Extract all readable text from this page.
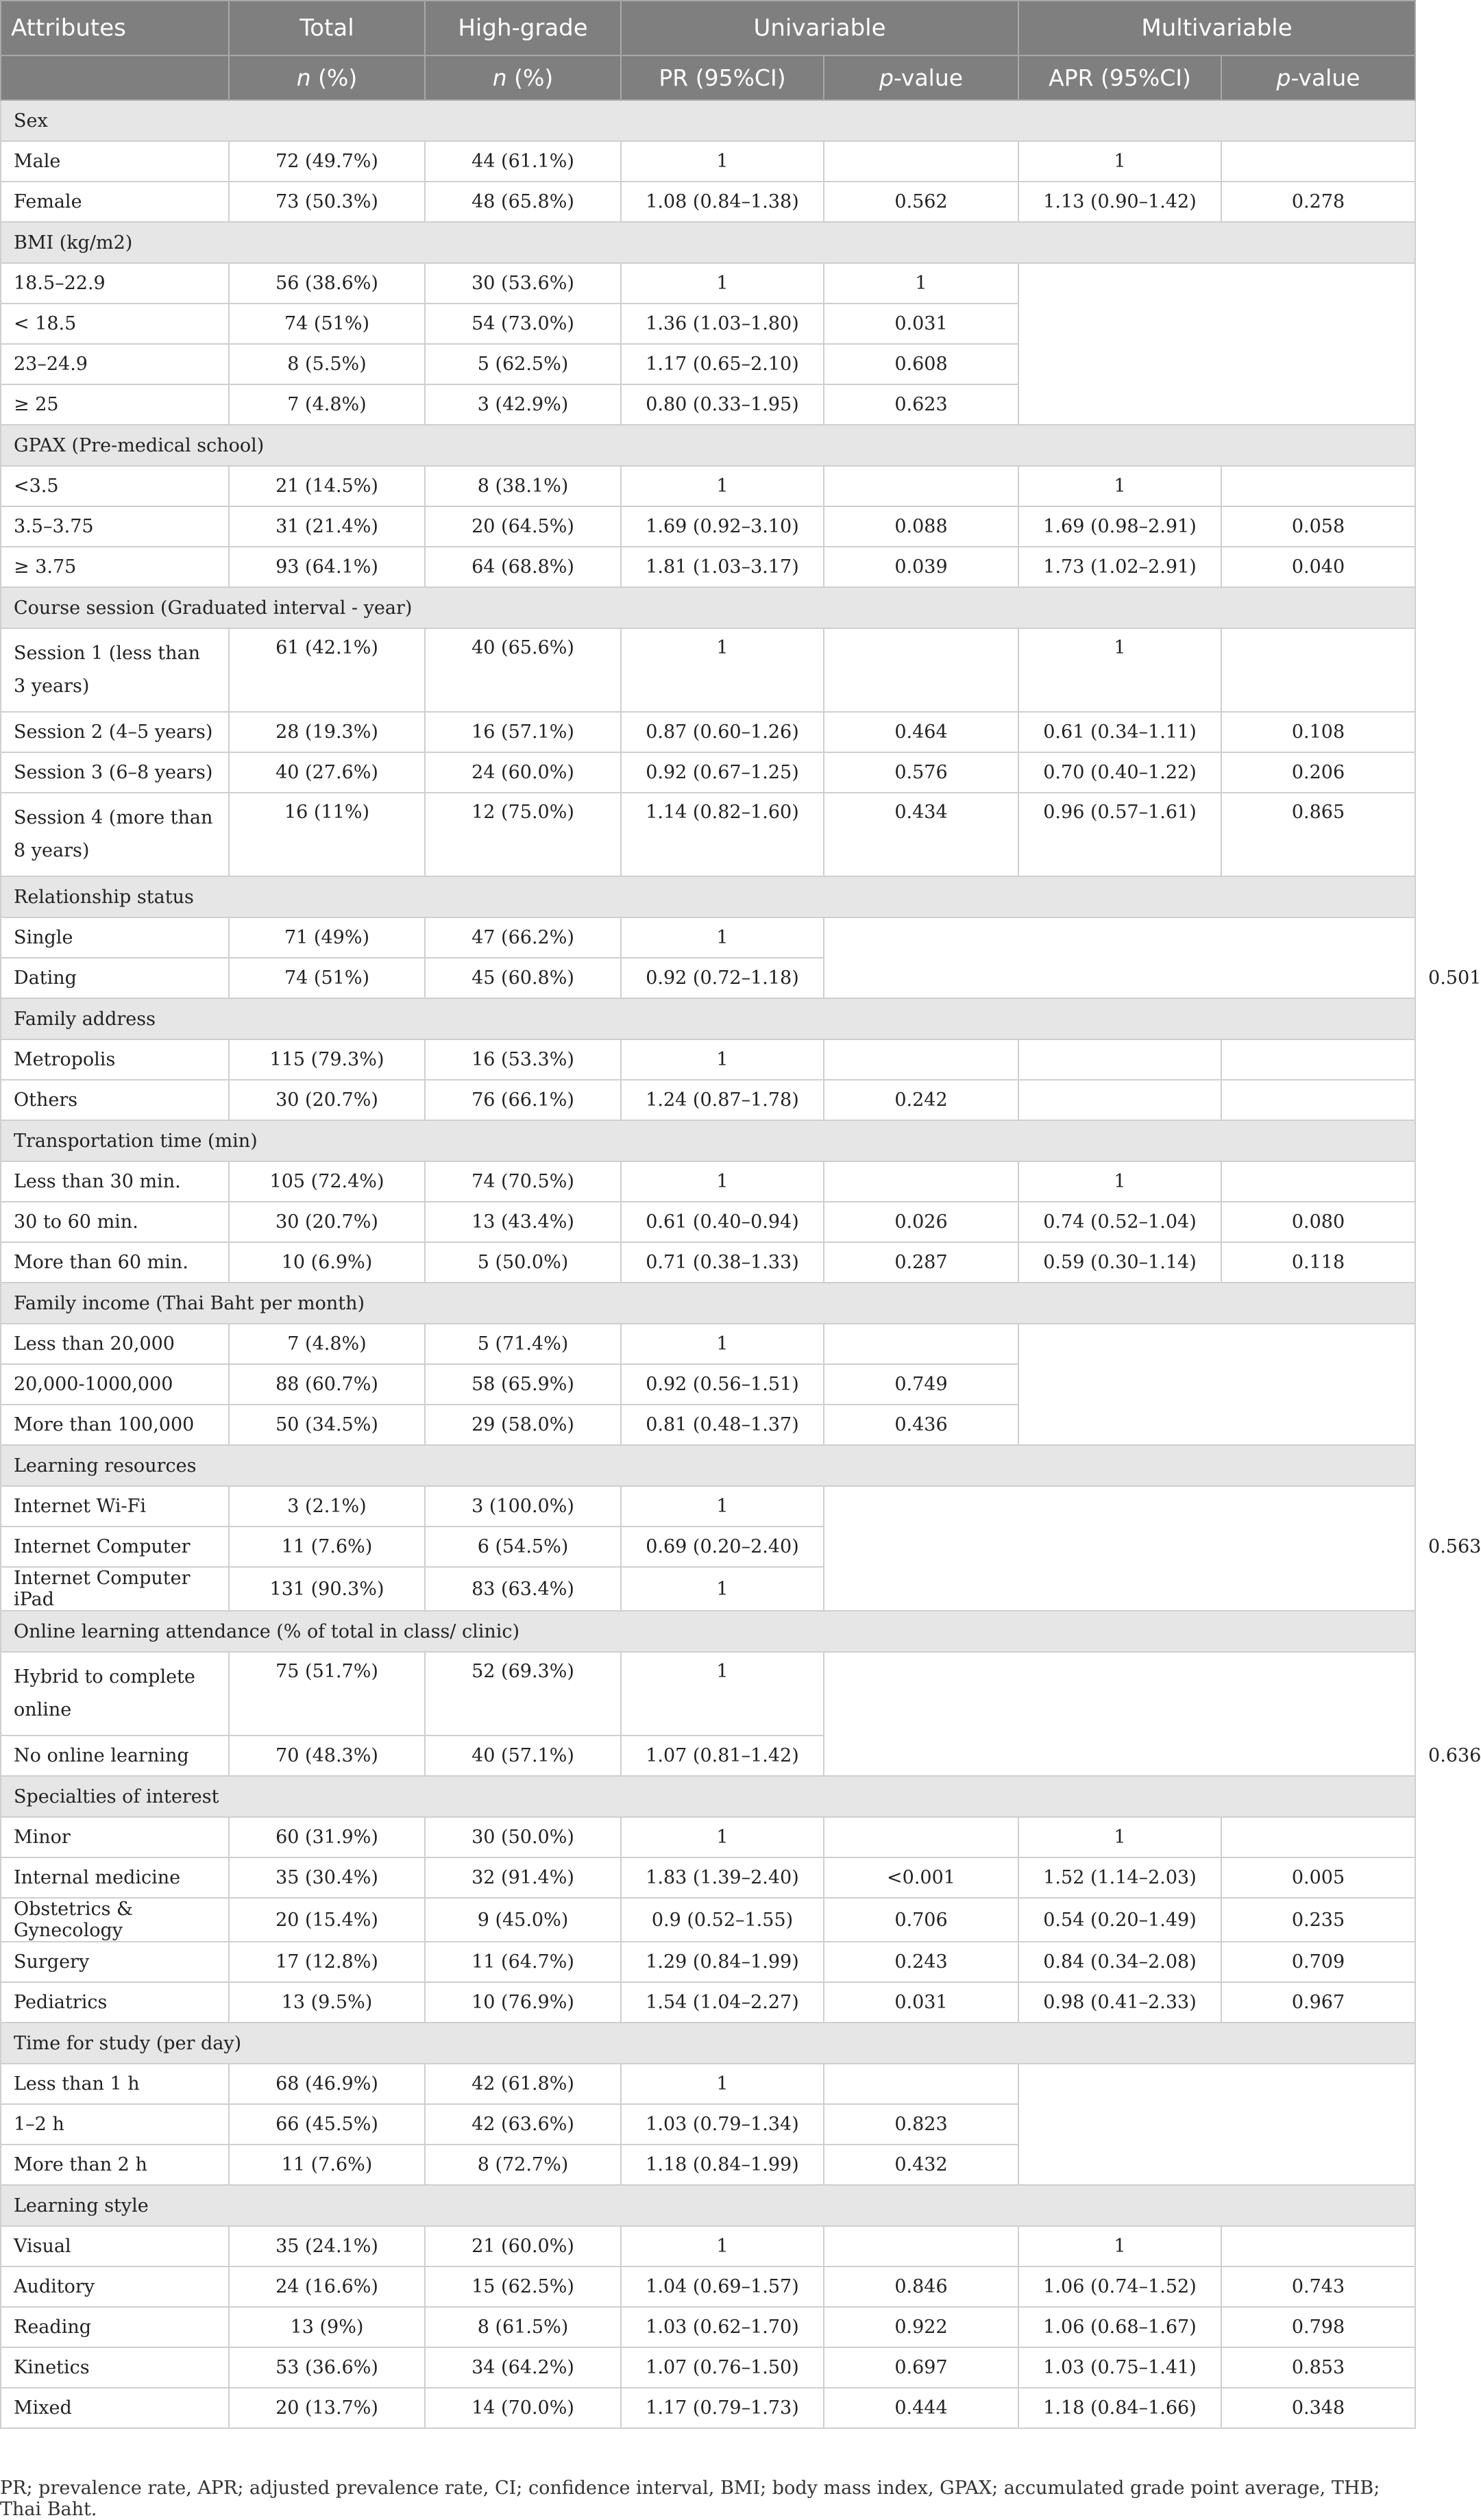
Attributes	Total	High-grade	Univariable		Multivariable		
	n (%)	n (%)	PR (95%CI)	p-value	APR (95%CI)	p-value	
Sex							
Male	72 (49.7%)	44 (61.1%)	1		1		
Female	73 (50.3%)	48 (65.8%)	1.08 (0.84–1.38)	0.562	1.13 (0.90–1.42)	0.278	
BMI (kg/m2)							
18.5–22.9	56 (38.6%)	30 (53.6%)	1	1			
< 18.5	74 (51%)	54 (73.0%)	1.36 (1.03–1.80)	0.031			
23–24.9	8 (5.5%)	5 (62.5%)	1.17 (0.65–2.10)	0.608			
≥ 25	7 (4.8%)	3 (42.9%)	0.80 (0.33–1.95)	0.623			
GPAX (Pre-medical school)							
<3.5	21 (14.5%)	8 (38.1%)	1		1		
3.5–3.75	31 (21.4%)	20 (64.5%)	1.69 (0.92–3.10)	0.088	1.69 (0.98–2.91)	0.058	
≥ 3.75	93 (64.1%)	64 (68.8%)	1.81 (1.03–3.17)	0.039	1.73 (1.02–2.91)	0.040	
Course session (Graduated interval - year)							
Session 1 (less than 3 years)	61 (42.1%)	40 (65.6%)	1		1		
Session 2 (4–5 years)	28 (19.3%)	16 (57.1%)	0.87 (0.60–1.26)	0.464	0.61 (0.34–1.11)	0.108	
Session 3 (6–8 years)	40 (27.6%)	24 (60.0%)	0.92 (0.67–1.25)	0.576	0.70 (0.40–1.22)	0.206	
Session 4 (more than 8 years)	16 (11%)	12 (75.0%)	1.14 (0.82–1.60)	0.434	0.96 (0.57–1.61)	0.865	
Relationship status							
Single	71 (49%)	47 (66.2%)	1				
Dating	74 (51%)	45 (60.8%)	0.92 (0.72–1.18)				0.501
Family address							
Metropolis	115 (79.3%)	16 (53.3%)	1				
Others	30 (20.7%)	76 (66.1%)	1.24 (0.87–1.78)	0.242			
Transportation time (min)							
Less than 30 min.	105 (72.4%)	74 (70.5%)	1		1		
30 to 60 min.	30 (20.7%)	13 (43.4%)	0.61 (0.40–0.94)	0.026	0.74 (0.52–1.04)	0.080	
More than 60 min.	10 (6.9%)	5 (50.0%)	0.71 (0.38–1.33)	0.287	0.59 (0.30–1.14)	0.118	
Family income (Thai Baht per month)							
Less than 20,000	7 (4.8%)	5 (71.4%)	1				
20,000-1000,000	88 (60.7%)	58 (65.9%)	0.92 (0.56–1.51)	0.749			
More than 100,000	50 (34.5%)	29 (58.0%)	0.81 (0.48–1.37)	0.436			
Learning resources							
Internet Wi-Fi	3 (2.1%)	3 (100.0%)	1				
Internet Computer	11 (7.6%)	6 (54.5%)	0.69 (0.20–2.40)				0.563
Internet Computer iPad	131 (90.3%)	83 (63.4%)	1				
Online learning attendance (% of total in class/ clinic)							
Hybrid to complete online	75 (51.7%)	52 (69.3%)	1				
No online learning	70 (48.3%)	40 (57.1%)	1.07 (0.81–1.42)				0.636
Specialties of interest							
Minor	60 (31.9%)	30 (50.0%)	1		1		
Internal medicine	35 (30.4%)	32 (91.4%)	1.83 (1.39–2.40)	<0.001	1.52 (1.14–2.03)	0.005	
Obstetrics & Gynecology	20 (15.4%)	9 (45.0%)	0.9 (0.52–1.55)	0.706	0.54 (0.20–1.49)	0.235	
Surgery	17 (12.8%)	11 (64.7%)	1.29 (0.84–1.99)	0.243	0.84 (0.34–2.08)	0.709	
Pediatrics	13 (9.5%)	10 (76.9%)	1.54 (1.04–2.27)	0.031	0.98 (0.41–2.33)	0.967	
Time for study (per day)							
Less than 1 h	68 (46.9%)	42 (61.8%)	1				
1–2 h	66 (45.5%)	42 (63.6%)	1.03 (0.79–1.34)	0.823			
More than 2 h	11 (7.6%)	8 (72.7%)	1.18 (0.84–1.99)	0.432			
Learning style							
Visual	35 (24.1%)	21 (60.0%)	1		1		
Auditory	24 (16.6%)	15 (62.5%)	1.04 (0.69–1.57)	0.846	1.06 (0.74–1.52)	0.743	
Reading	13 (9%)	8 (61.5%)	1.03 (0.62–1.70)	0.922	1.06 (0.68–1.67)	0.798	
Kinetics	53 (36.6%)	34 (64.2%)	1.07 (0.76–1.50)	0.697	1.03 (0.75–1.41)	0.853	
Mixed	20 (13.7%)	14 (70.0%)	1.17 (0.79–1.73)	0.444	1.18 (0.84–1.66)	0.348	
PR; prevalence rate, APR; adjusted prevalence rate, CI; confidence interval, BMI; body mass index, GPAX; accumulated grade point average, THB; Thai Baht.
